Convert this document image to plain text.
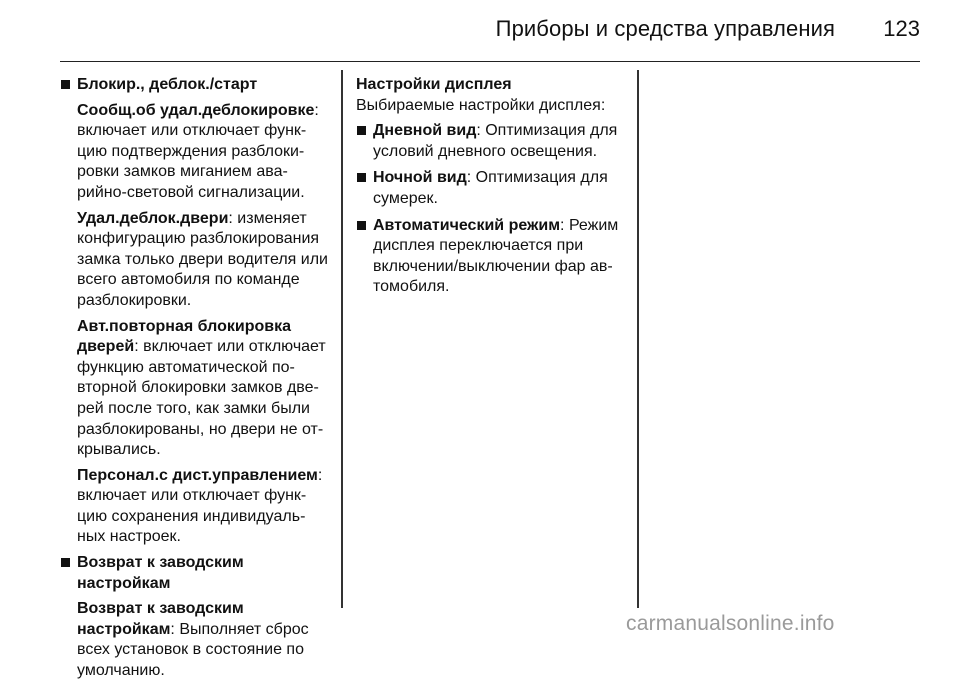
Приборы и средства управления 123
Блокир., деблок./старт
Сообщ.об удал.деблокировке: включает или отключает функ-цию подтверждения разблоки-ровки замков миганием ава-рийно-световой сигнализации.
Удал.деблок.двери: изменяет конфигурацию разблокирования замка только двери водителя или всего автомобиля по команде разблокировки.
Авт.повторная блокировка дверей: включает или отключает функцию автоматической по-вторной блокировки замков две-рей после того, как замки были разблокированы, но двери не от-крывались.
Персонал.с дист.управлением: включает или отключает функ-цию сохранения индивидуаль-ных настроек.
Возврат к заводским настройкам
Возврат к заводским настройкам: Выполняет сброс всех установок в состояние по умолчанию.
Настройки дисплея
Выбираемые настройки дисплея:
Дневной вид: Оптимизация для условий дневного освещения.
Ночной вид: Оптимизация для сумерек.
Автоматический режим: Режим дисплея переключается при включении/выключении фар ав-томобиля.
carmanualsonline.info
